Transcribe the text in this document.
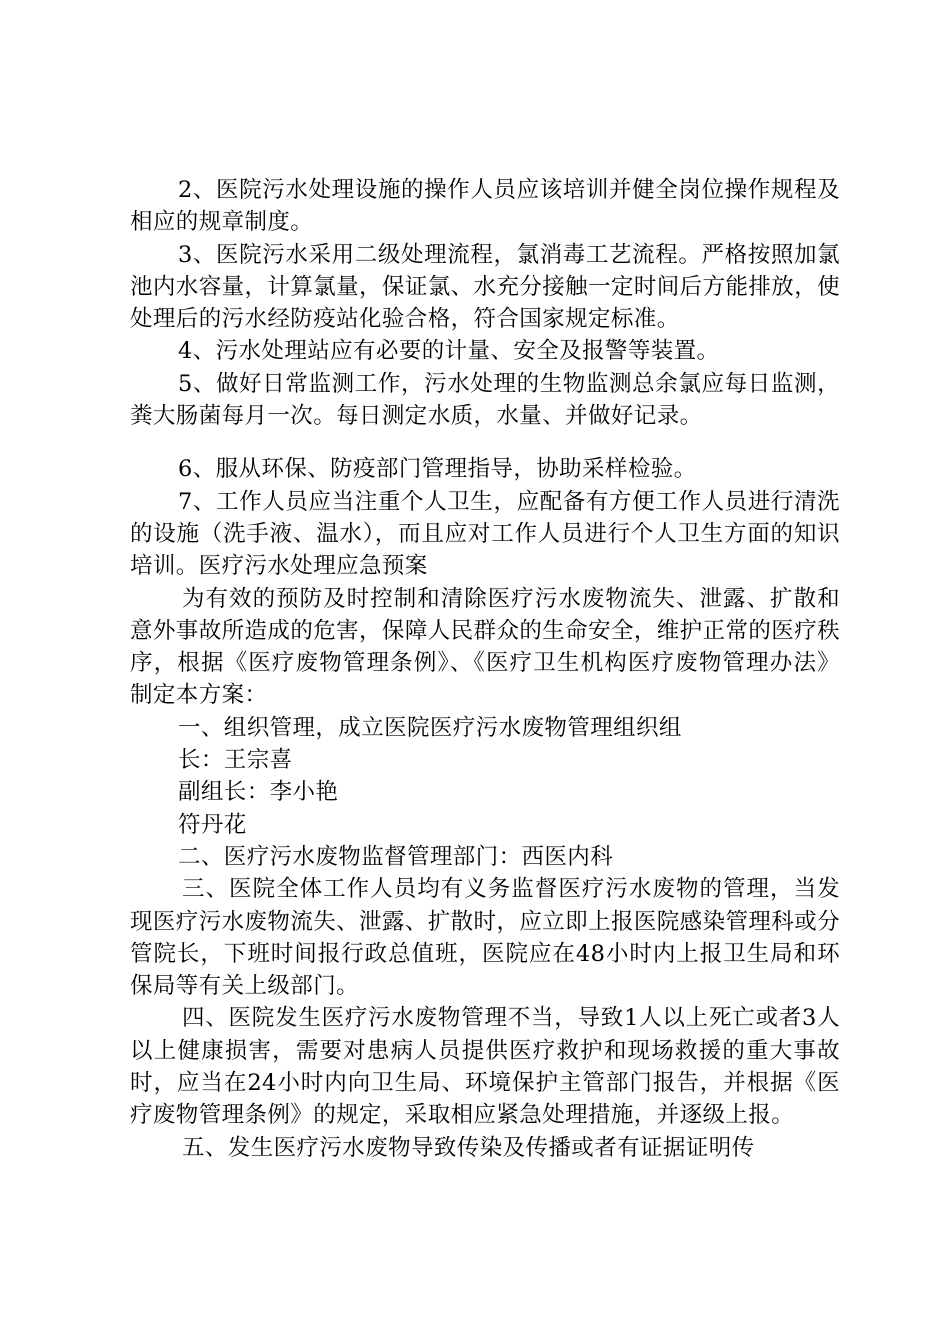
2、医院污水处理设施的操作人员应该培训并健全岗位操作规程及相应的规章制度。

3、医院污水采用二级处理流程，氯消毒工艺流程。严格按照加氯池内水容量，计算氯量，保证氯、水充分接触一定时间后方能排放，使处理后的污水经防疫站化验合格，符合国家规定标准。

4、污水处理站应有必要的计量、安全及报警等装置。

5、做好日常监测工作，污水处理的生物监测总余氯应每日监测，粪大肠菌每月一次。每日测定水质，水量、并做好记录。

6、服从环保、防疫部门管理指导，协助采样检验。

7、工作人员应当注重个人卫生，应配备有方便工作人员进行清洗的设施（洗手液、温水），而且应对工作人员进行个人卫生方面的知识培训。医疗污水处理应急预案

为有效的预防及时控制和清除医疗污水废物流失、泄露、扩散和意外事故所造成的危害，保障人民群众的生命安全，维护正常的医疗秩序，根据《医疗废物管理条例》、《医疗卫生机构医疗废物管理办法》制定本方案：

一、组织管理，成立医院医疗污水废物管理组织组

长：王宗喜

副组长：李小艳

符丹花

二、医疗污水废物监督管理部门：西医内科

三、医院全体工作人员均有义务监督医疗污水废物的管理，当发现医疗污水废物流失、泄露、扩散时，应立即上报医院感染管理科或分管院长，下班时间报行政总值班，医院应在48小时内上报卫生局和环保局等有关上级部门。

四、医院发生医疗污水废物管理不当，导致1人以上死亡或者3人以上健康损害，需要对患病人员提供医疗救护和现场救援的重大事故时，应当在24小时内向卫生局、环境保护主管部门报告，并根据《医疗废物管理条例》的规定，采取相应紧急处理措施，并逐级上报。

五、发生医疗污水废物导致传染及传播或者有证据证明传
